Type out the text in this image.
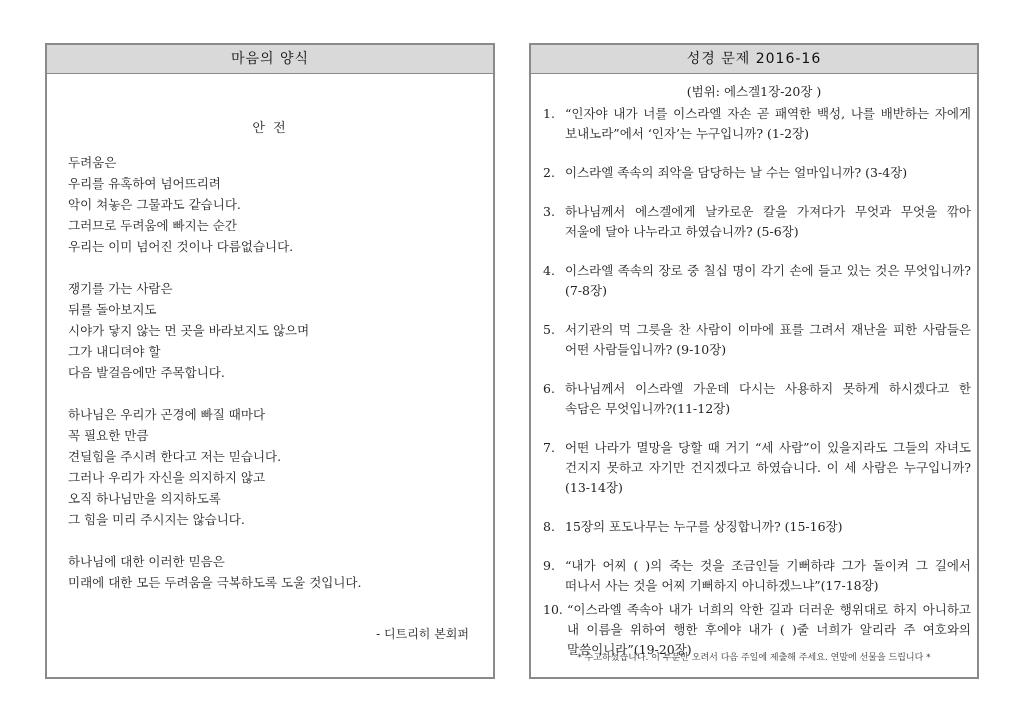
마음의 양식
안 전
두려움은
우리를 유혹하여 넘어뜨리려
악이 쳐놓은 그물과도 같습니다.
그러므로 두려움에 빠지는 순간
우리는 이미 넘어진 것이나 다름없습니다.
쟁기를 가는 사람은
뒤를 돌아보지도
시야가 닿지 않는 먼 곳을 바라보지도 않으며
그가 내디뎌야 할
다음 발걸음에만 주목합니다.
하나님은 우리가 곤경에 빠질 때마다
꼭 필요한 만큼
견딜힘을 주시려 한다고 저는 믿습니다.
그러나 우리가 자신을 의지하지 않고
오직 하나님만을 의지하도록
그 힘을 미리 주시지는 않습니다.
하나님에 대한 이러한 믿음은
미래에 대한 모든 두려움을 극복하도록 도울 것입니다.
- 디트리히 본회퍼
성경 문제 2016-16
(범위: 에스겔1장-20장 )
1. “인자야 내가 너를 이스라엘 자손 곧 패역한 백성, 나를 배반하는 자에게 보내노라”에서 ‘인자’는 누구입니까? (1-2장)
2. 이스라엘 족속의 죄악을 담당하는 날 수는 얼마입니까? (3-4장)
3. 하나님께서 에스겔에게 날카로운 칼을 가져다가 무엇과 무엇을 깎아 저울에 달아 나누라고 하였습니까? (5-6장)
4. 이스라엘 족속의 장로 중 칠십 명이 각기 손에 들고 있는 것은 무엇입니까? (7-8장)
5. 서기관의 먹 그릇을 찬 사람이 이마에 표를 그려서 재난을 피한 사람들은 어떤 사람들입니까? (9-10장)
6. 하나님께서 이스라엘 가운데 다시는 사용하지 못하게 하시겠다고 한 속담은 무엇입니까?(11-12장)
7. 어떤 나라가 멸망을 당할 때 거기 “세 사람”이 있을지라도 그들의 자녀도 건지지 못하고 자기만 건지겠다고 하였습니다. 이 세 사람은 누구입니까? (13-14장)
8. 15장의 포도나무는 누구를 상징합니까? (15-16장)
9. “내가 어찌 ( )의 죽는 것을 조금인들 기뻐하랴 그가 돌이켜 그 길에서 떠나서 사는 것을 어찌 기뻐하지 아니하겠느냐”(17-18장)
10. “이스라엘 족속아 내가 너희의 악한 길과 더러운 행위대로 하지 아니하고 내 이름을 위하여 행한 후에야 내가 ( )줄 너희가 알리라 주 여호와의 말씀이니라”(19-20장)
* 수고하셨습니다. 이 부분만 오려서 다음 주일에 제출해 주세요. 연말에 선물을 드립니다 *
